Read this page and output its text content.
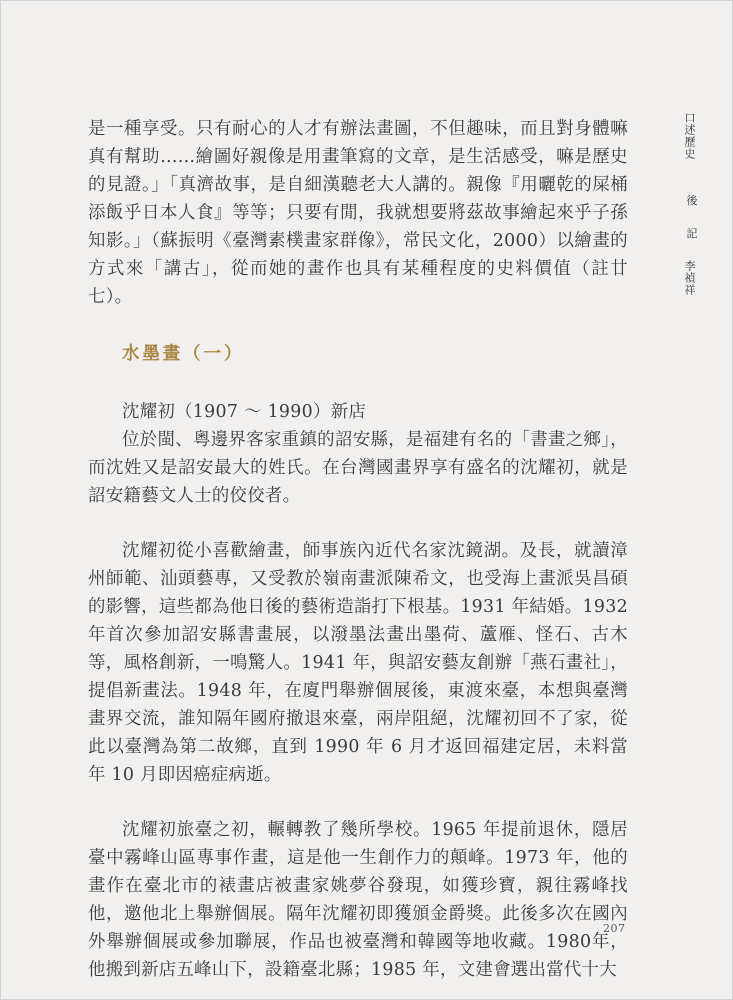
是一種享受。只有耐心的人才有辦法畫圖，不但趣味，而且對身體嘛真有幫助……繪圖好親像是用畫筆寫的文章，是生活感受，嘛是歷史的見證。」「真濟故事，是自細漢聽老大人講的。親像『用曬乾的屎桶添飯乎日本人食』等等；只要有閒，我就想要將茲故事繪起來乎子孫知影。」（蘇振明《臺灣素樸畫家群像》，常民文化，2000）以繪畫的方式來「講古」，從而她的畫作也具有某種程度的史料價值（註廿七）。

水墨畫（一）

沈耀初（1907 ～ 1990）新店

位於閩、粵邊界客家重鎮的詔安縣，是福建有名的「書畫之鄉」，而沈姓又是詔安最大的姓氏。在台灣國畫界享有盛名的沈耀初，就是詔安籍藝文人士的佼佼者。

沈耀初從小喜歡繪畫，師事族內近代名家沈鏡湖。及長，就讀漳州師範、汕頭藝專，又受教於嶺南畫派陳希文，也受海上畫派吳昌碩的影響，這些都為他日後的藝術造詣打下根基。1931 年結婚。1932 年首次參加詔安縣書畫展，以潑墨法畫出墨荷、蘆雁、怪石、古木等，風格創新，一鳴驚人。1941 年，與詔安藝友創辦「燕石畫社」，提倡新畫法。1948 年，在廈門舉辦個展後，東渡來臺，本想與臺灣畫界交流，誰知隔年國府撤退來臺，兩岸阻絕，沈耀初回不了家，從此以臺灣為第二故鄉，直到 1990 年 6 月才返回福建定居，未料當年 10 月即因癌症病逝。

沈耀初旅臺之初，輾轉教了幾所學校。1965 年提前退休，隱居臺中霧峰山區專事作畫，這是他一生創作力的顛峰。1973 年，他的畫作在臺北市的裱畫店被畫家姚夢谷發現，如獲珍寶，親往霧峰找他，邀他北上舉辦個展。隔年沈耀初即獲頒金爵獎。此後多次在國內外舉辦個展或參加聯展，作品也被臺灣和韓國等地收藏。1980年，他搬到新店五峰山下，設籍臺北縣；1985 年，文建會選出當代十大

口述歷史
後
記
李禎祥
207
